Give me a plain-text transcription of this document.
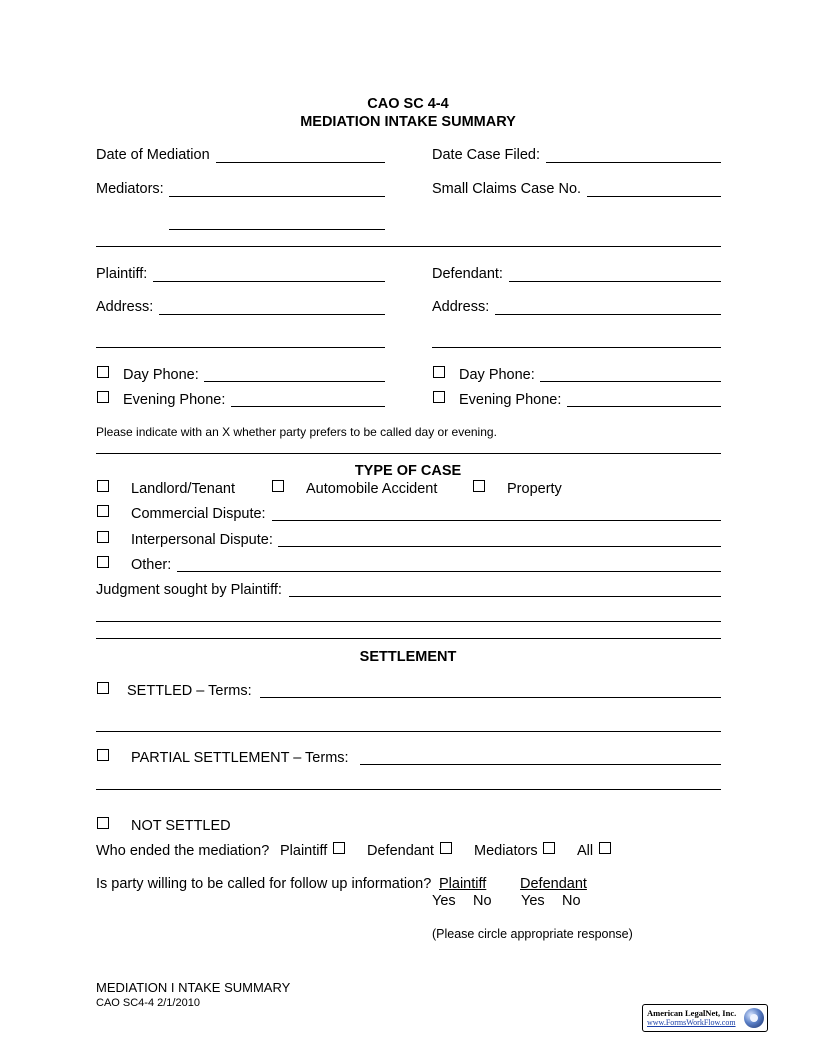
CAO SC 4-4
MEDIATION INTAKE SUMMARY
Date of Mediation	Date Case Filed:
Mediators:	Small Claims Case No.
Plaintiff:	Defendant:
Address:	Address:
Day Phone:	Day Phone:
Evening Phone:	Evening Phone:
Please indicate with an X whether party prefers to be called day or evening.
TYPE OF CASE
Landlord/Tenant	Automobile Accident	Property
Commercial Dispute:
Interpersonal Dispute:
Other:
Judgment sought by Plaintiff:
SETTLEMENT
SETTLED – Terms:
PARTIAL SETTLEMENT – Terms:
NOT SETTLED
Who ended the mediation? Plaintiff	Defendant	Mediators	All
Is party willing to be called for follow up information? Plaintiff Defendant
Yes No Yes No
(Please circle appropriate response)
MEDIATION I NTAKE SUMMARY
CAO SC4-4 2/1/2010
American LegalNet, Inc.
www.FormsWorkFlow.com
